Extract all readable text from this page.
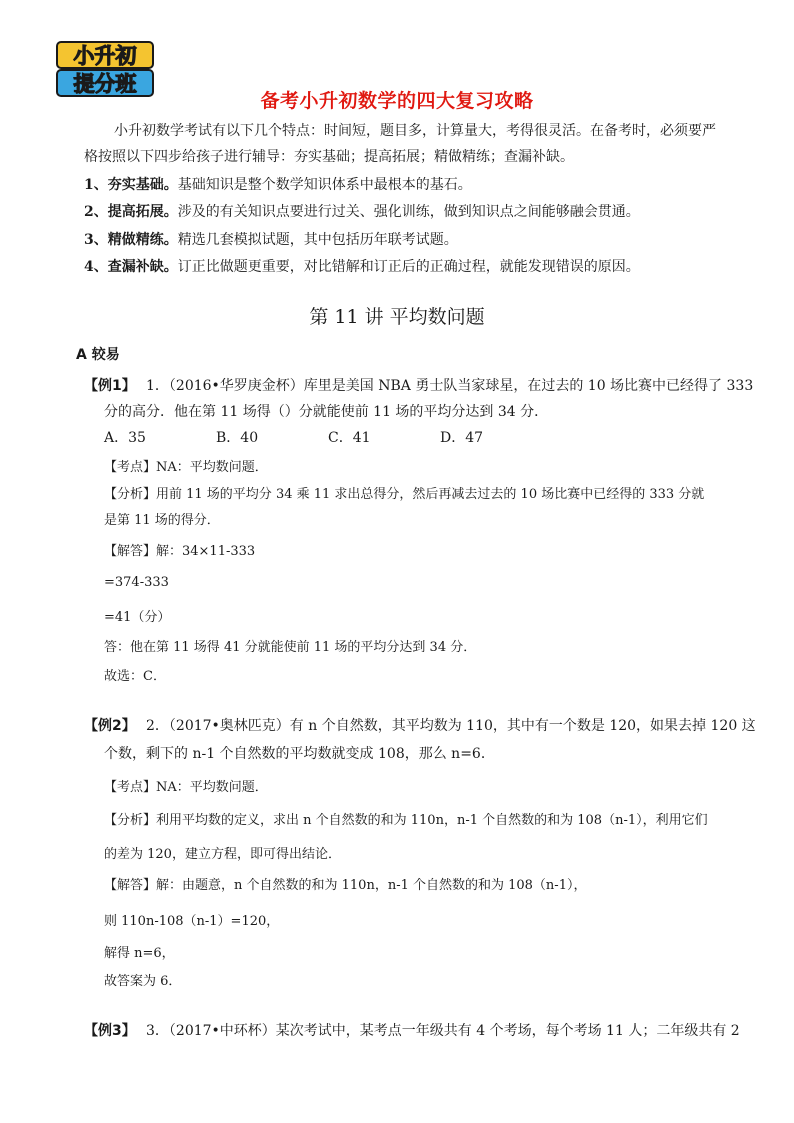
小升初
提分班
备考小升初数学的四大复习攻略
小升初数学考试有以下几个特点：时间短，题目多，计算量大，考得很灵活。在备考时，必须要严
格按照以下四步给孩子进行辅导：夯实基础；提高拓展；精做精练；查漏补缺。
1、夯实基础。基础知识是整个数学知识体系中最根本的基石。
2、提高拓展。涉及的有关知识点要进行过关、强化训练，做到知识点之间能够融会贯通。
3、精做精练。精选几套模拟试题，其中包括历年联考试题。
4、查漏补缺。订正比做题更重要，对比错解和订正后的正确过程，就能发现错误的原因。
第 11 讲 平均数问题
A 较易
【例1】 1．（2016•华罗庚金杯）库里是美国 NBA 勇士队当家球星，在过去的 10 场比赛中已经得了 333
分的高分．他在第 11 场得（）分就能使前 11 场的平均分达到 34 分．
A．35	B．40	C．41	D．47
【考点】NA：平均数问题．
【分析】用前 11 场的平均分 34 乘 11 求出总得分，然后再减去过去的 10 场比赛中已经得的 333 分就
是第 11 场的得分．
【解答】解：34×11-333
=374-333
=41（分）
答：他在第 11 场得 41 分就能使前 11 场的平均分达到 34 分．
故选：C．
【例2】 2．（2017•奥林匹克）有 n 个自然数，其平均数为 110，其中有一个数是 120，如果去掉 120 这
个数，剩下的 n-1 个自然数的平均数就变成 108，那么 n=6．
【考点】NA：平均数问题．
【分析】利用平均数的定义，求出 n 个自然数的和为 110n，n-1 个自然数的和为 108（n-1），利用它们
的差为 120，建立方程，即可得出结论．
【解答】解：由题意，n 个自然数的和为 110n，n-1 个自然数的和为 108（n-1），
则 110n-108（n-1）=120，
解得 n=6，
故答案为 6．
【例3】 3．（2017•中环杯）某次考试中，某考点一年级共有 4 个考场，每个考场 11 人；二年级共有 2
